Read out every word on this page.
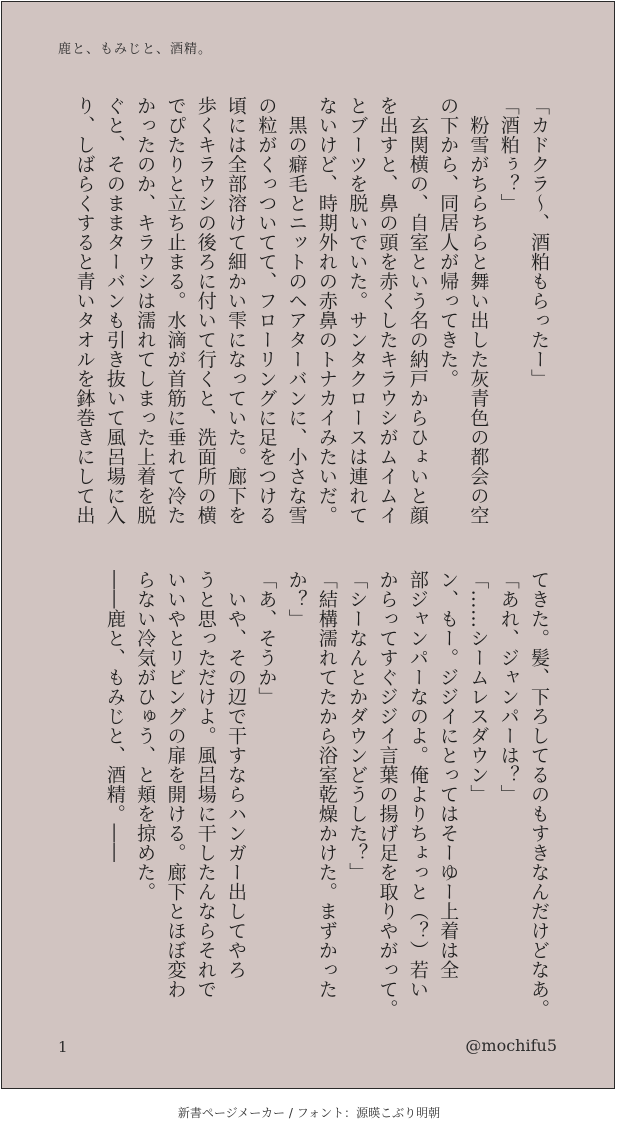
鹿と、もみじと、酒精。

「カドクラ〜、酒粕もらったー」

「酒粕ぅ？」

　粉雪がちらちらと舞い出した灰青色の都会の空

の下から、同居人が帰ってきた。

　玄関横の、自室という名の納戸からひょいと顔

を出すと、鼻の頭を赤くしたキラウシがムイムイ

とブーツを脱いでいた。サンタクロースは連れて

ないけど、時期外れの赤鼻のトナカイみたいだ。

　黒の癖毛とニットのヘアターバンに、小さな雪

の粒がくっついてて、フローリングに足をつける

頃には全部溶けて細かい雫になっていた。廊下を

歩くキラウシの後ろに付いて行くと、洗面所の横

でぴたりと立ち止まる。水滴が首筋に垂れて冷た

かったのか、キラウシは濡れてしまった上着を脱

ぐと、そのままターバンも引き抜いて風呂場に入

り、しばらくすると青いタオルを鉢巻きにして出

てきた。髪、下ろしてるのもすきなんだけどなあ。

「あれ、ジャンパーは？」

「……シームレスダウン」

ン、もー。ジジイにとってはそーゆー上着は全

部ジャンパーなのよ。俺よりちょっと（？）若い

からってすぐジジイ言葉の揚げ足を取りやがって。

「シーなんとかダウンどうした？」

「結構濡れてたから浴室乾燥かけた。まずかった

か？」

「あ、そうか」

　いや、その辺で干すならハンガー出してやろ

うと思っただけよ。風呂場に干したんならそれで

いいやとリビングの扉を開ける。廊下とほぼ変わ

らない冷気がひゅう、と頬を掠めた。

――鹿と、もみじと、酒精。――

1	@mochifu5
新書ページメーカー / フォント：源暎こぶり明朝
